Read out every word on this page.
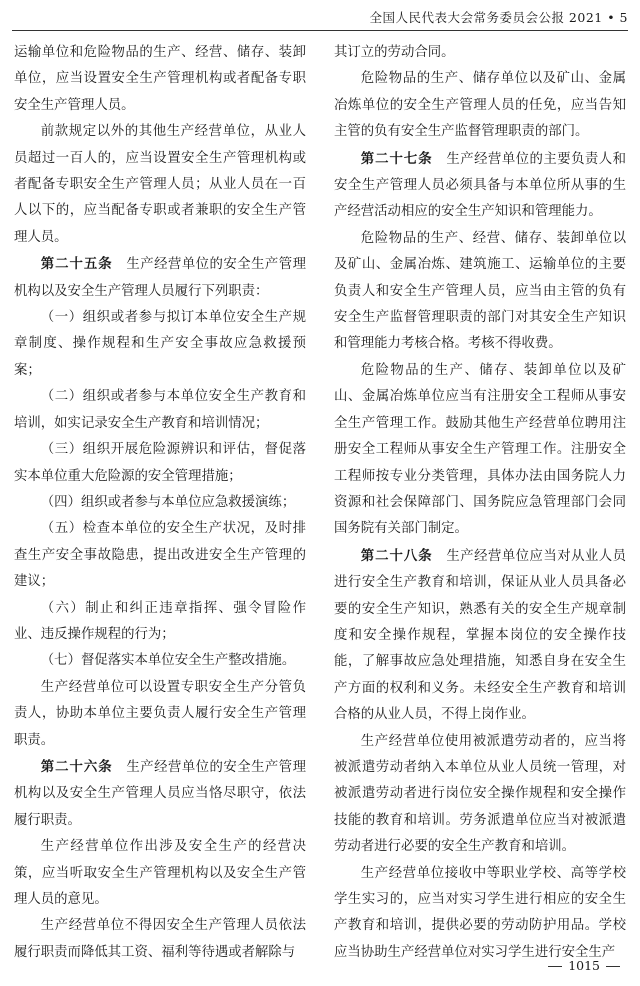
全国人民代表大会常务委员会公报 2021 • 5

运输单位和危险物品的生产、经营、储存、装卸单位，应当设置安全生产管理机构或者配备专职安全生产管理人员。

前款规定以外的其他生产经营单位，从业人员超过一百人的，应当设置安全生产管理机构或者配备专职安全生产管理人员；从业人员在一百人以下的，应当配备专职或者兼职的安全生产管理人员。

第二十五条　 生产经营单位的安全生产管理机构以及安全生产管理人员履行下列职责：

（一）组织或者参与拟订本单位安全生产规章制度、操作规程和生产安全事故应急救援预案；

（二）组织或者参与本单位安全生产教育和培训，如实记录安全生产教育和培训情况；

（三）组织开展危险源辨识和评估，督促落实本单位重大危险源的安全管理措施；

（四）组织或者参与本单位应急救援演练；

（五）检查本单位的安全生产状况，及时排查生产安全事故隐患，提出改进安全生产管理的建议；

（六）制止和纠正违章指挥、强令冒险作业、违反操作规程的行为；

（七）督促落实本单位安全生产整改措施。

生产经营单位可以设置专职安全生产分管负责人，协助本单位主要负责人履行安全生产管理职责。

第二十六条　 生产经营单位的安全生产管理机构以及安全生产管理人员应当恪尽职守，依法履行职责。

生产经营单位作出涉及安全生产的经营决策，应当听取安全生产管理机构以及安全生产管理人员的意见。

生产经营单位不得因安全生产管理人员依法履行职责而降低其工资、福利等待遇或者解除与

其订立的劳动合同。

危险物品的生产、储存单位以及矿山、金属冶炼单位的安全生产管理人员的任免，应当告知主管的负有安全生产监督管理职责的部门。

第二十七条　 生产经营单位的主要负责人和安全生产管理人员必须具备与本单位所从事的生产经营活动相应的安全生产知识和管理能力。

危险物品的生产、经营、储存、装卸单位以及矿山、金属冶炼、建筑施工、运输单位的主要负责人和安全生产管理人员，应当由主管的负有安全生产监督管理职责的部门对其安全生产知识和管理能力考核合格。考核不得收费。

危险物品的生产、储存、装卸单位以及矿山、金属冶炼单位应当有注册安全工程师从事安全生产管理工作。鼓励其他生产经营单位聘用注册安全工程师从事安全生产管理工作。注册安全工程师按专业分类管理，具体办法由国务院人力资源和社会保障部门、国务院应急管理部门会同国务院有关部门制定。

第二十八条　 生产经营单位应当对从业人员进行安全生产教育和培训，保证从业人员具备必要的安全生产知识，熟悉有关的安全生产规章制度和安全操作规程，掌握本岗位的安全操作技能，了解事故应急处理措施，知悉自身在安全生产方面的权利和义务。未经安全生产教育和培训合格的从业人员，不得上岗作业。

生产经营单位使用被派遣劳动者的，应当将被派遣劳动者纳入本单位从业人员统一管理，对被派遣劳动者进行岗位安全操作规程和安全操作技能的教育和培训。劳务派遣单位应当对被派遣劳动者进行必要的安全生产教育和培训。

生产经营单位接收中等职业学校、高等学校学生实习的，应当对实习学生进行相应的安全生产教育和培训，提供必要的劳动防护用品。学校应当协助生产经营单位对实习学生进行安全生产

1015
